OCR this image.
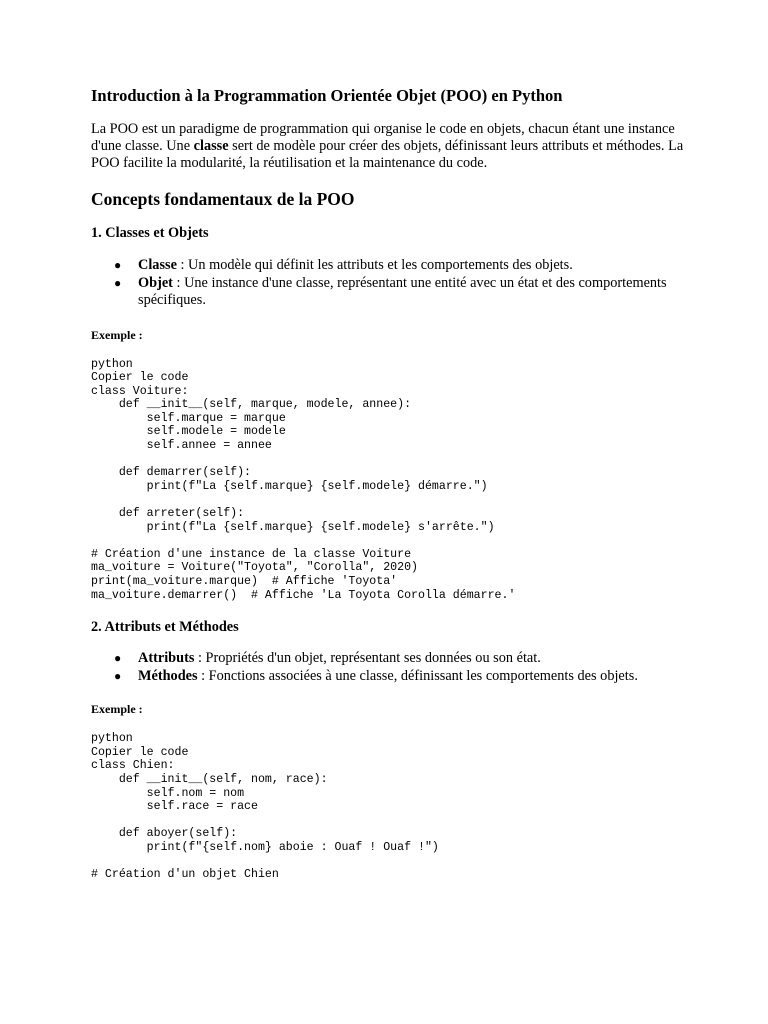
Introduction à la Programmation Orientée Objet (POO) en Python

La POO est un paradigme de programmation qui organise le code en objets, chacun étant une instance d'une classe. Une classe sert de modèle pour créer des objets, définissant leurs attributs et méthodes. La POO facilite la modularité, la réutilisation et la maintenance du code.

Concepts fondamentaux de la POO
1. Classes et Objets
● Classe : Un modèle qui définit les attributs et les comportements des objets.
● Objet : Une instance d'une classe, représentant une entité avec un état et des comportements spécifiques.

Exemple :

python
Copier le code
class Voiture:
def __init__(self, marque, modele, annee):
self.marque = marque
self.modele = modele
self.annee = annee

def demarrer(self):
print(f"La {self.marque} {self.modele} démarre.")

def arreter(self):
print(f"La {self.marque} {self.modele} s'arrête.")

# Création d'une instance de la classe Voiture
ma_voiture = Voiture("Toyota", "Corolla", 2020)
print(ma_voiture.marque)  # Affiche 'Toyota'
ma_voiture.demarrer()  # Affiche 'La Toyota Corolla démarre.'
2. Attributs et Méthodes
● Attributs : Propriétés d'un objet, représentant ses données ou son état.
● Méthodes : Fonctions associées à une classe, définissant les comportements des objets.

Exemple :

python
Copier le code
class Chien:
def __init__(self, nom, race):
self.nom = nom
self.race = race

def aboyer(self):
print(f"{self.nom} aboie : Ouaf ! Ouaf !")

# Création d'un objet Chien
